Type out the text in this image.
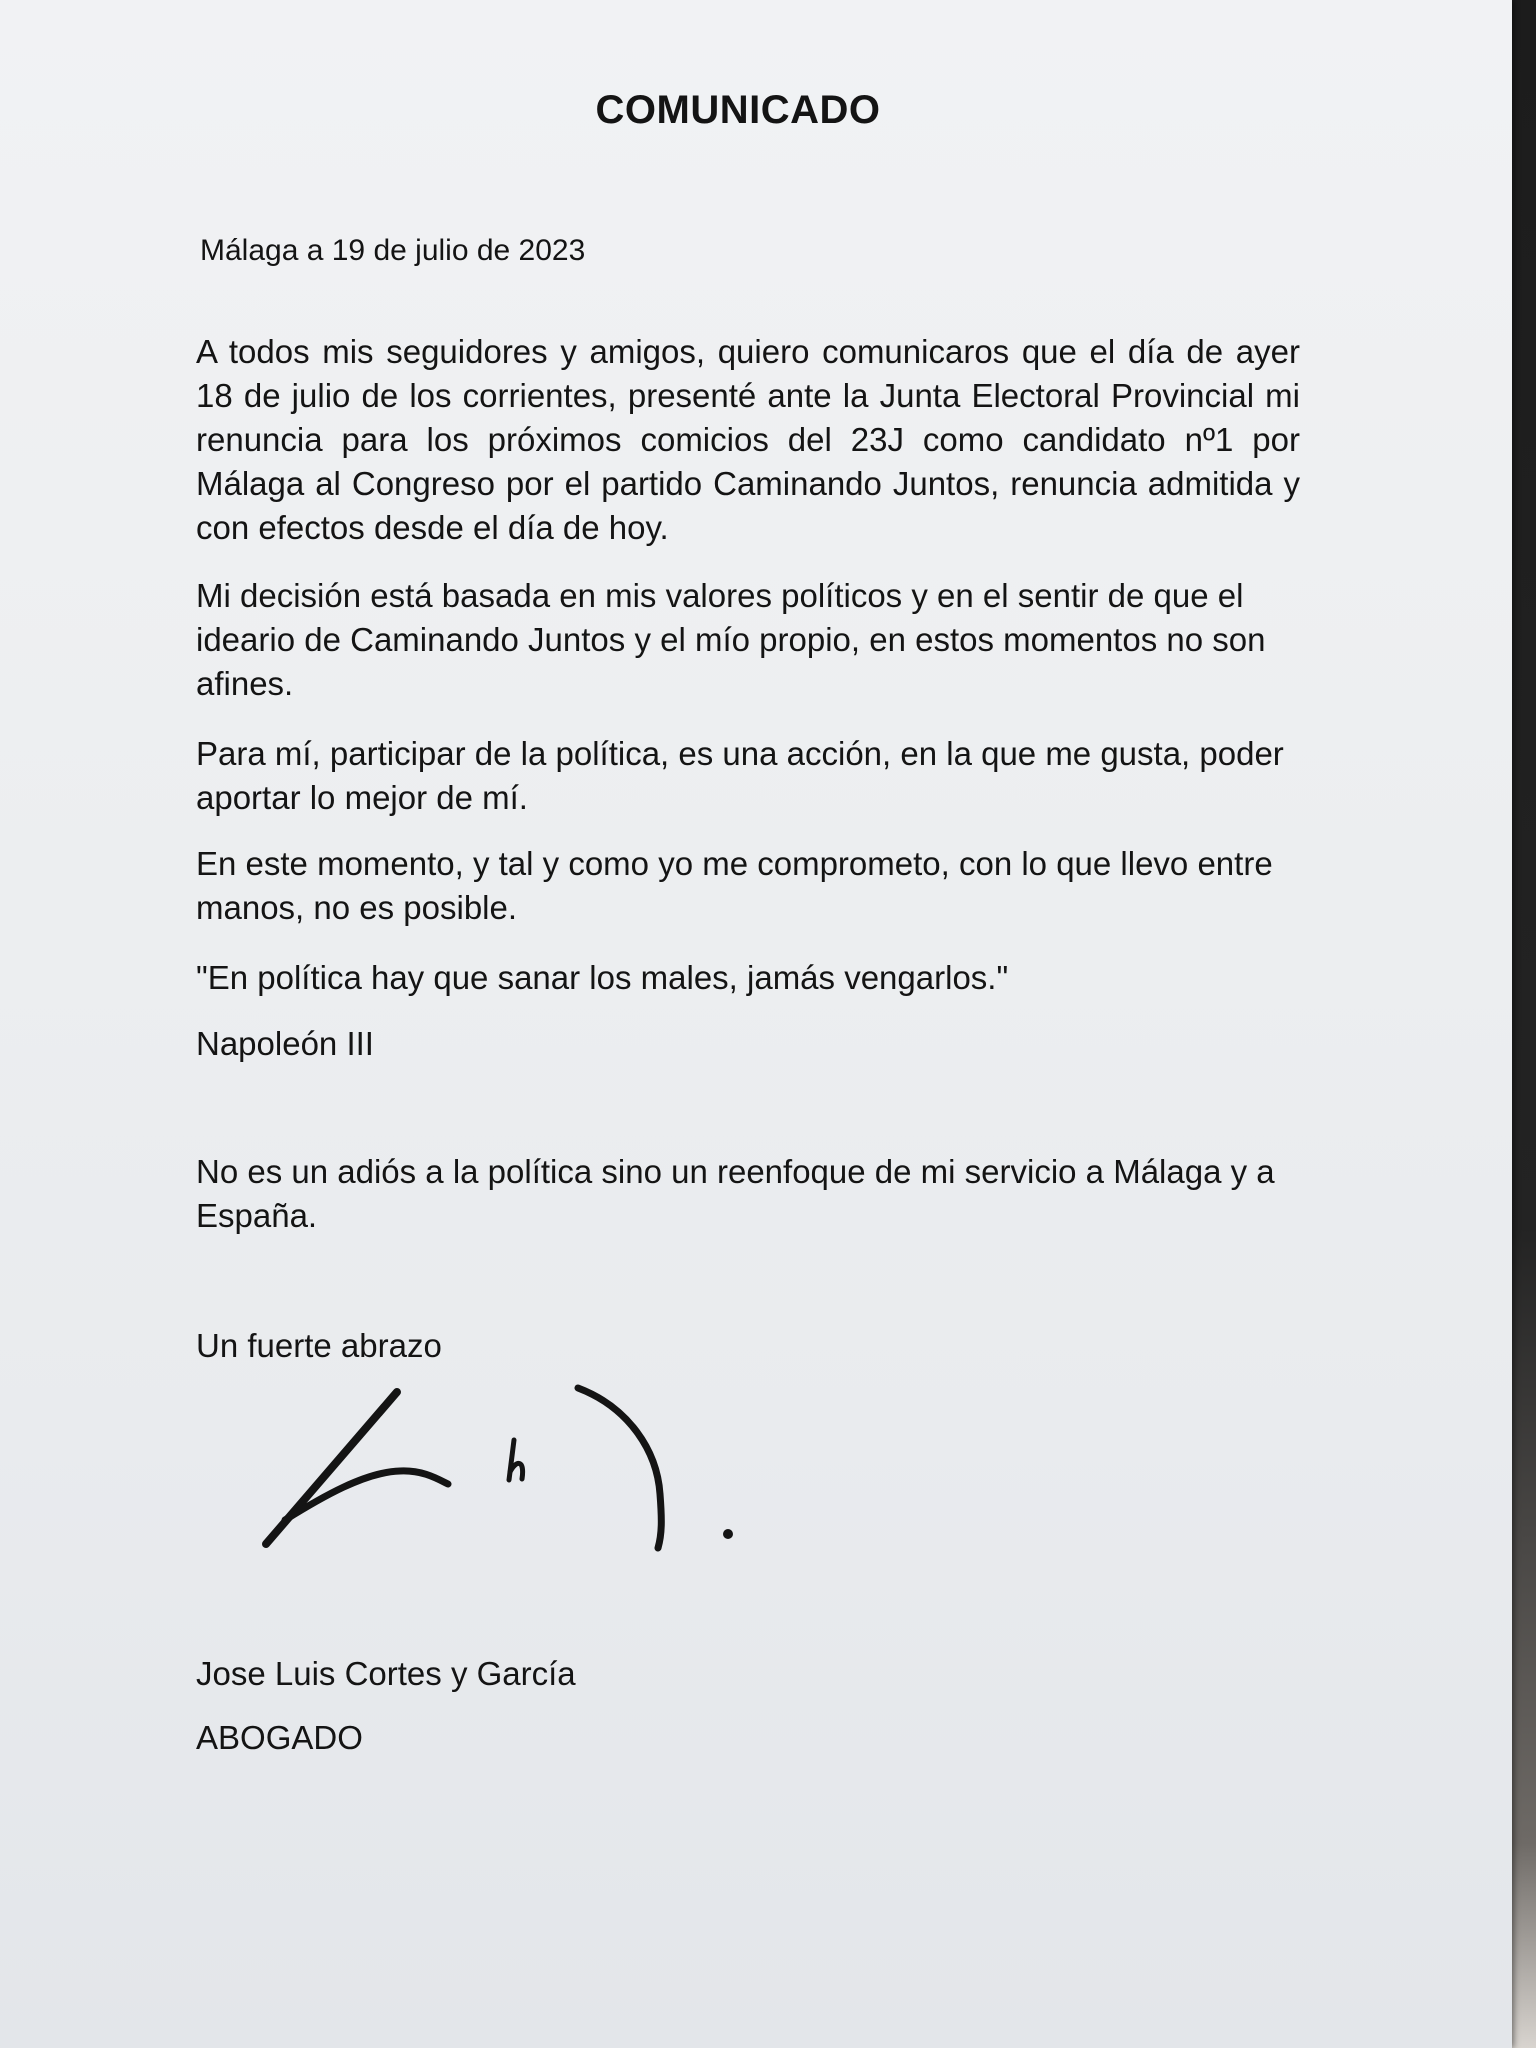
COMUNICADO
Málaga a 19 de julio de 2023

A todos mis seguidores y amigos, quiero comunicaros que el día de ayer 18 de julio de los corrientes, presenté ante la Junta Electoral Provincial mi renuncia para los próximos comicios del 23J como candidato nº1 por Málaga al Congreso por el partido Caminando Juntos, renuncia admitida y con efectos desde el día de hoy.

Mi decisión está basada en mis valores políticos y en el sentir de que el ideario de Caminando Juntos y el mío propio, en estos momentos no son afines.

Para mí, participar de la política, es una acción, en la que me gusta, poder aportar lo mejor de mí.

En este momento, y tal y como yo me comprometo, con lo que llevo entre manos, no es posible.

"En política hay que sanar los males, jamás vengarlos."

Napoleón III

No es un adiós a la política sino un reenfoque de mi servicio a Málaga y a España.

Un fuerte abrazo

Jose Luis Cortes y García
ABOGADO
